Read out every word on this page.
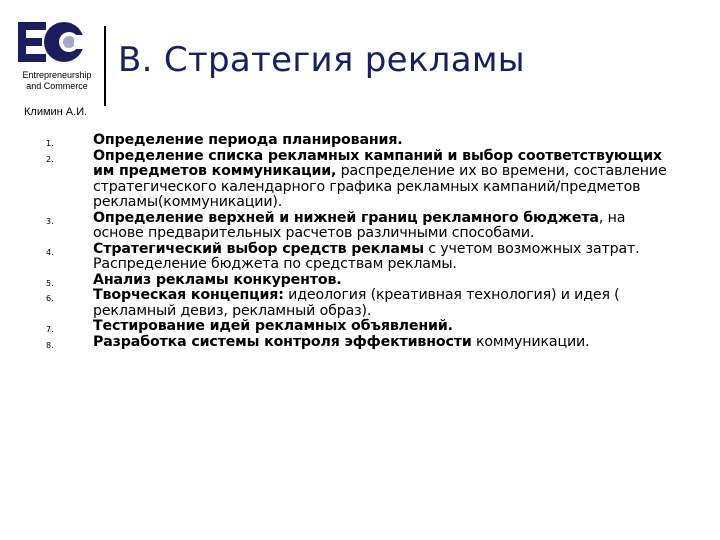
Entrepreneurship
and Commerce
В. Стратегия рекламы
Климин А.И.
1.	Определение периода планирования.
2.	Определение списка рекламных кампаний и выбор соответствующих им предметов коммуникации, распределение их во времени, составление стратегического календарного графика рекламных кампаний/предметов рекламы(коммуникации).
3.	Определение верхней и нижней границ рекламного бюджета, на основе предварительных расчетов различными способами.
4.	Стратегический выбор средств рекламы с учетом возможных затрат. Распределение бюджета по средствам рекламы.
5.	Анализ рекламы конкурентов.
6.	Творческая концепция: идеология (креативная технология) и идея ( рекламный девиз, рекламный образ).
7.	Тестирование идей рекламных объявлений.
8.	Разработка системы контроля эффективности коммуникации.
